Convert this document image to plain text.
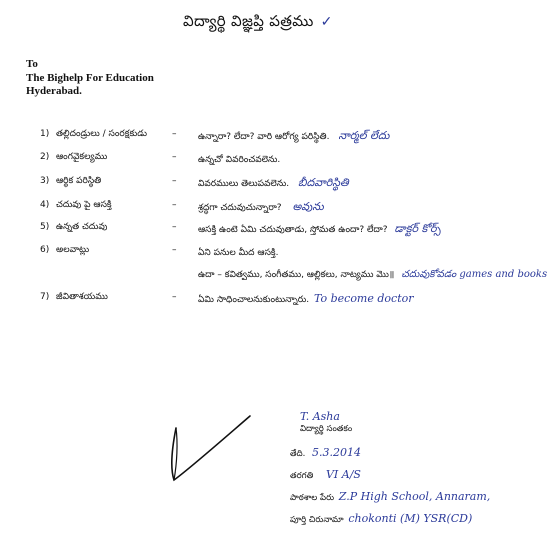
విద్యార్థి విజ్ఞప్తి పత్రము ✓
To
The Bighelp For Education
Hyderabad.
1) తల్లిదండ్రులు / సంరక్షకుడు	– ఉన్నారా? లేదా? వారి ఆరోగ్య పరిస్థితి. నార్మల్ లేదు
2) ఆంగవైకల్యము	– ఉన్నచో వివరించవలెను.
3) ఆర్థిక పరిస్థితి	– వివరములు తెలుపవలెను. బీదవారిస్థితి
4) చదువు పై ఆసక్తి	– శ్రద్ధగా చదువుచున్నారా? అవును
5) ఉన్నత చదువు	– ఆసక్తి ఉంటె ఏమి చదువుతాడు, స్తోమత ఉందా? లేదా? డాక్టర్ కోర్స్
6) అలవాట్లు	– ఏని పనుల మీద ఆసక్తి.
ఉదా – కవిత్వము, సంగీతము, ఆల్లికలు, నాట్యము మొ॥ చదువుకోవడం games and books
7) జీవితాశయము	– ఏమి సాధించాలనుకుంటున్నారు. To become doctor
T. Asha
విద్యార్థి సంతకం
తేది. 5.3.2014
తరగతి VI A/S
పాఠశాల పేరు Z.P High School, Annaram,
పూర్తి చిరునామా chokonti (M) YSR(CD)
